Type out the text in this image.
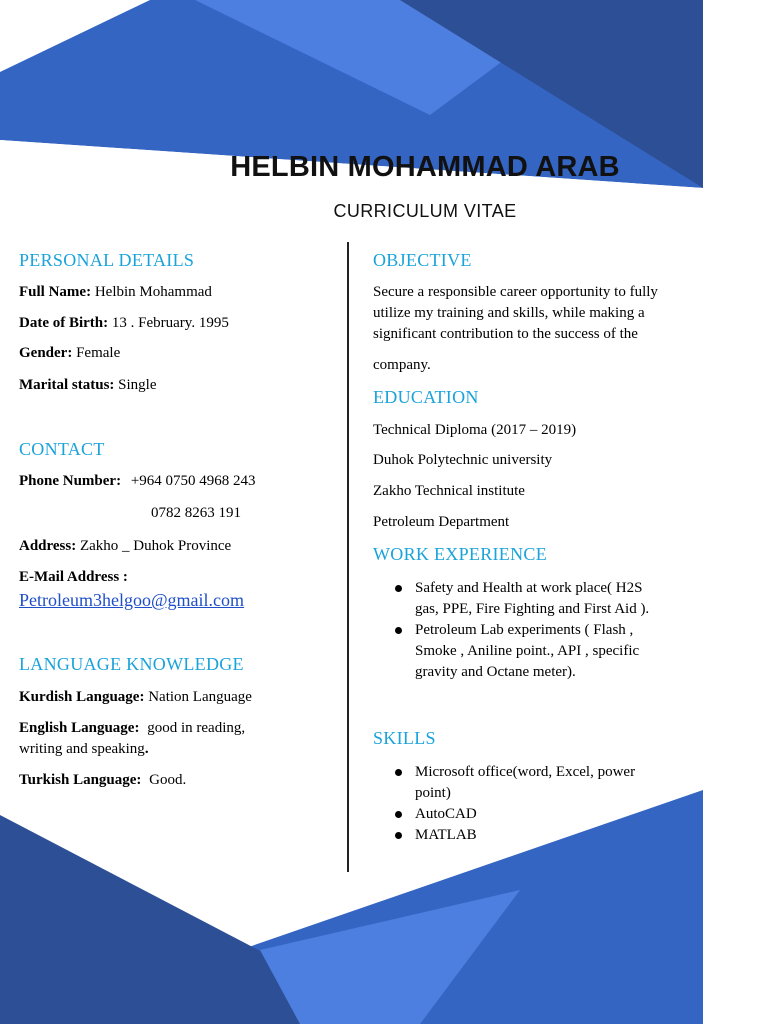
HELBIN MOHAMMAD ARAB
CURRICULUM VITAE
PERSONAL DETAILS
Full Name: Helbin Mohammad
Date of Birth: 13 . February. 1995
Gender: Female
Marital status: Single
CONTACT
Phone Number: +964 0750 4968 243
0782 8263 191
Address: Zakho _ Duhok Province
E-Mail Address :
Petroleum3helgoo@gmail.com
LANGUAGE KNOWLEDGE
Kurdish Language: Nation Language
English Language: good in reading,
writing and speaking.
Turkish Language: Good.
OBJECTIVE
Secure a responsible career opportunity to fully
utilize my training and skills, while making a
significant contribution to the success of the
company.
EDUCATION
Technical Diploma (2017 – 2019)
Duhok Polytechnic university
Zakho Technical institute
Petroleum Department
WORK EXPERIENCE
Safety and Health at work place( H2S
gas, PPE, Fire Fighting and First Aid ).
Petroleum Lab experiments ( Flash ,
Smoke , Aniline point., API , specific
gravity and Octane meter).
SKILLS
Microsoft office(word, Excel, power
point)
AutoCAD
MATLAB
